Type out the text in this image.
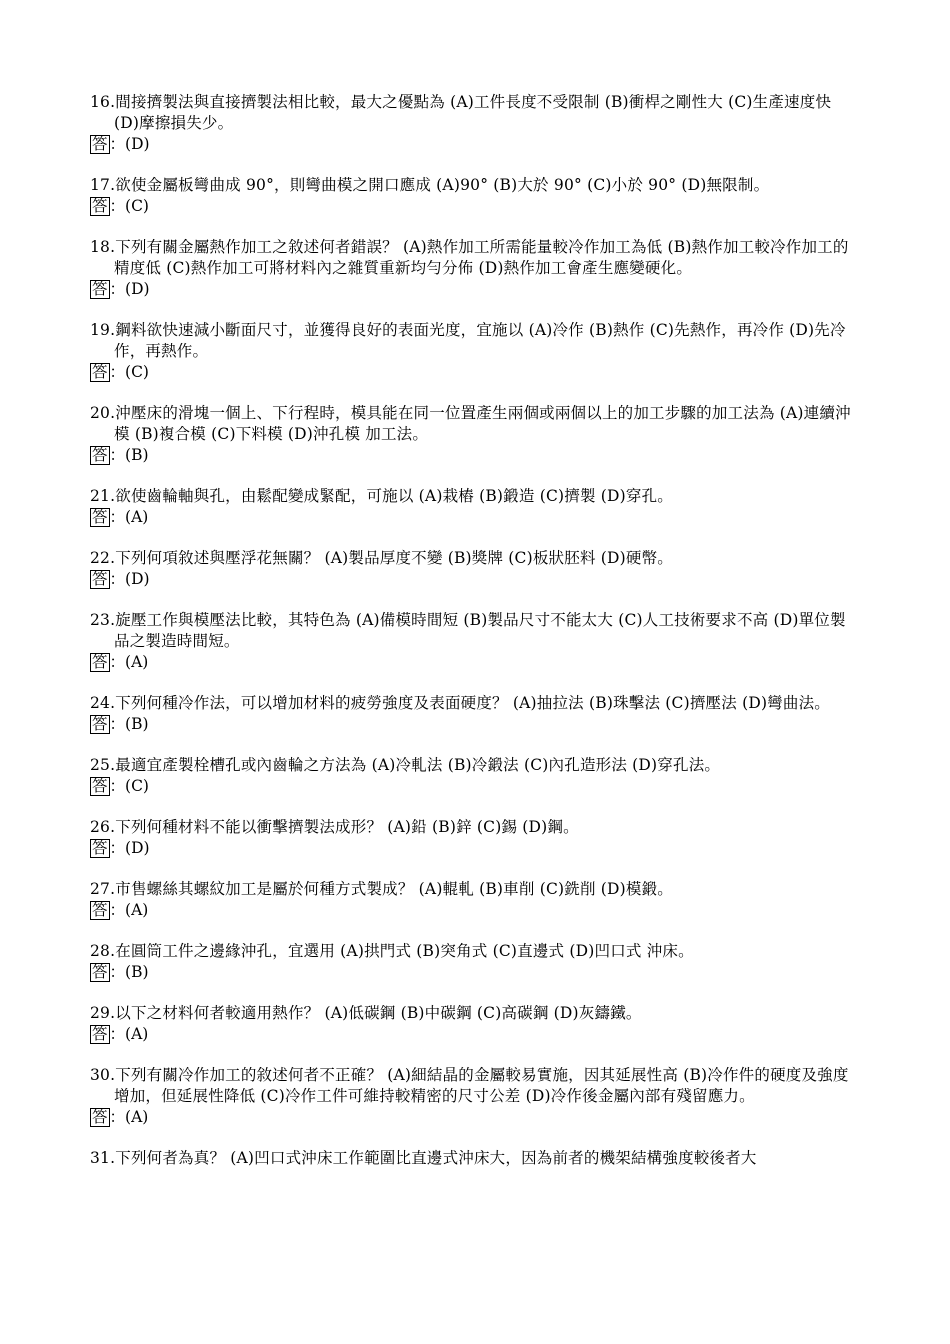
16.間接擠製法與直接擠製法相比較，最大之優點為 (A)工件長度不受限制 (B)衝桿之剛性大 (C)生產速度快 (D)摩擦損失少。

答 ：(D)

17.欲使金屬板彎曲成 90°，則彎曲模之開口應成 (A)90° (B)大於 90° (C)小於 90° (D)無限制。

答 ：(C)

18.下列有關金屬熱作加工之敘述何者錯誤？ (A)熱作加工所需能量較冷作加工為低 (B)熱作加工較冷作加工的精度低 (C)熱作加工可將材料內之雜質重新均勻分佈 (D)熱作加工會產生應變硬化。

答 ：(D)

19.鋼料欲快速減小斷面尺寸，並獲得良好的表面光度，宜施以 (A)冷作 (B)熱作 (C)先熱作，再冷作 (D)先冷作，再熱作。

答 ：(C)

20.沖壓床的滑塊一個上、下行程時，模具能在同一位置產生兩個或兩個以上的加工步驟的加工法為 (A)連續沖模 (B)複合模 (C)下料模 (D)沖孔模 加工法。

答 ：(B)

21.欲使齒輪軸與孔，由鬆配變成緊配，可施以 (A)栽樁 (B)鍛造 (C)擠製 (D)穿孔。

答 ：(A)

22.下列何項敘述與壓浮花無關？ (A)製品厚度不變 (B)獎牌 (C)板狀胚料 (D)硬幣。

答 ：(D)

23.旋壓工作與模壓法比較，其特色為 (A)備模時間短 (B)製品尺寸不能太大 (C)人工技術要求不高 (D)單位製品之製造時間短。

答 ：(A)

24.下列何種冷作法，可以增加材料的疲勞強度及表面硬度？ (A)抽拉法 (B)珠擊法 (C)擠壓法 (D)彎曲法。

答 ：(B)

25.最適宜產製栓槽孔或內齒輪之方法為 (A)冷軋法 (B)冷鍛法 (C)內孔造形法 (D)穿孔法。

答 ：(C)

26.下列何種材料不能以衝擊擠製法成形？ (A)鉛 (B)鋅 (C)錫 (D)鋼。

答 ：(D)

27.市售螺絲其螺紋加工是屬於何種方式製成？ (A)輥軋 (B)車削 (C)銑削 (D)模鍛。

答 ：(A)

28.在圓筒工件之邊緣沖孔，宜選用 (A)拱門式 (B)突角式 (C)直邊式 (D)凹口式 沖床。

答 ：(B)

29.以下之材料何者較適用熱作？ (A)低碳鋼 (B)中碳鋼 (C)高碳鋼 (D)灰鑄鐵。

答 ：(A)

30.下列有關冷作加工的敘述何者不正確？ (A)細結晶的金屬較易實施，因其延展性高 (B)冷作件的硬度及強度增加，但延展性降低 (C)冷作工件可維持較精密的尺寸公差 (D)冷作後金屬內部有殘留應力。

答 ：(A)

31.下列何者為真？ (A)凹口式沖床工作範圍比直邊式沖床大，因為前者的機架結構強度較後者大
